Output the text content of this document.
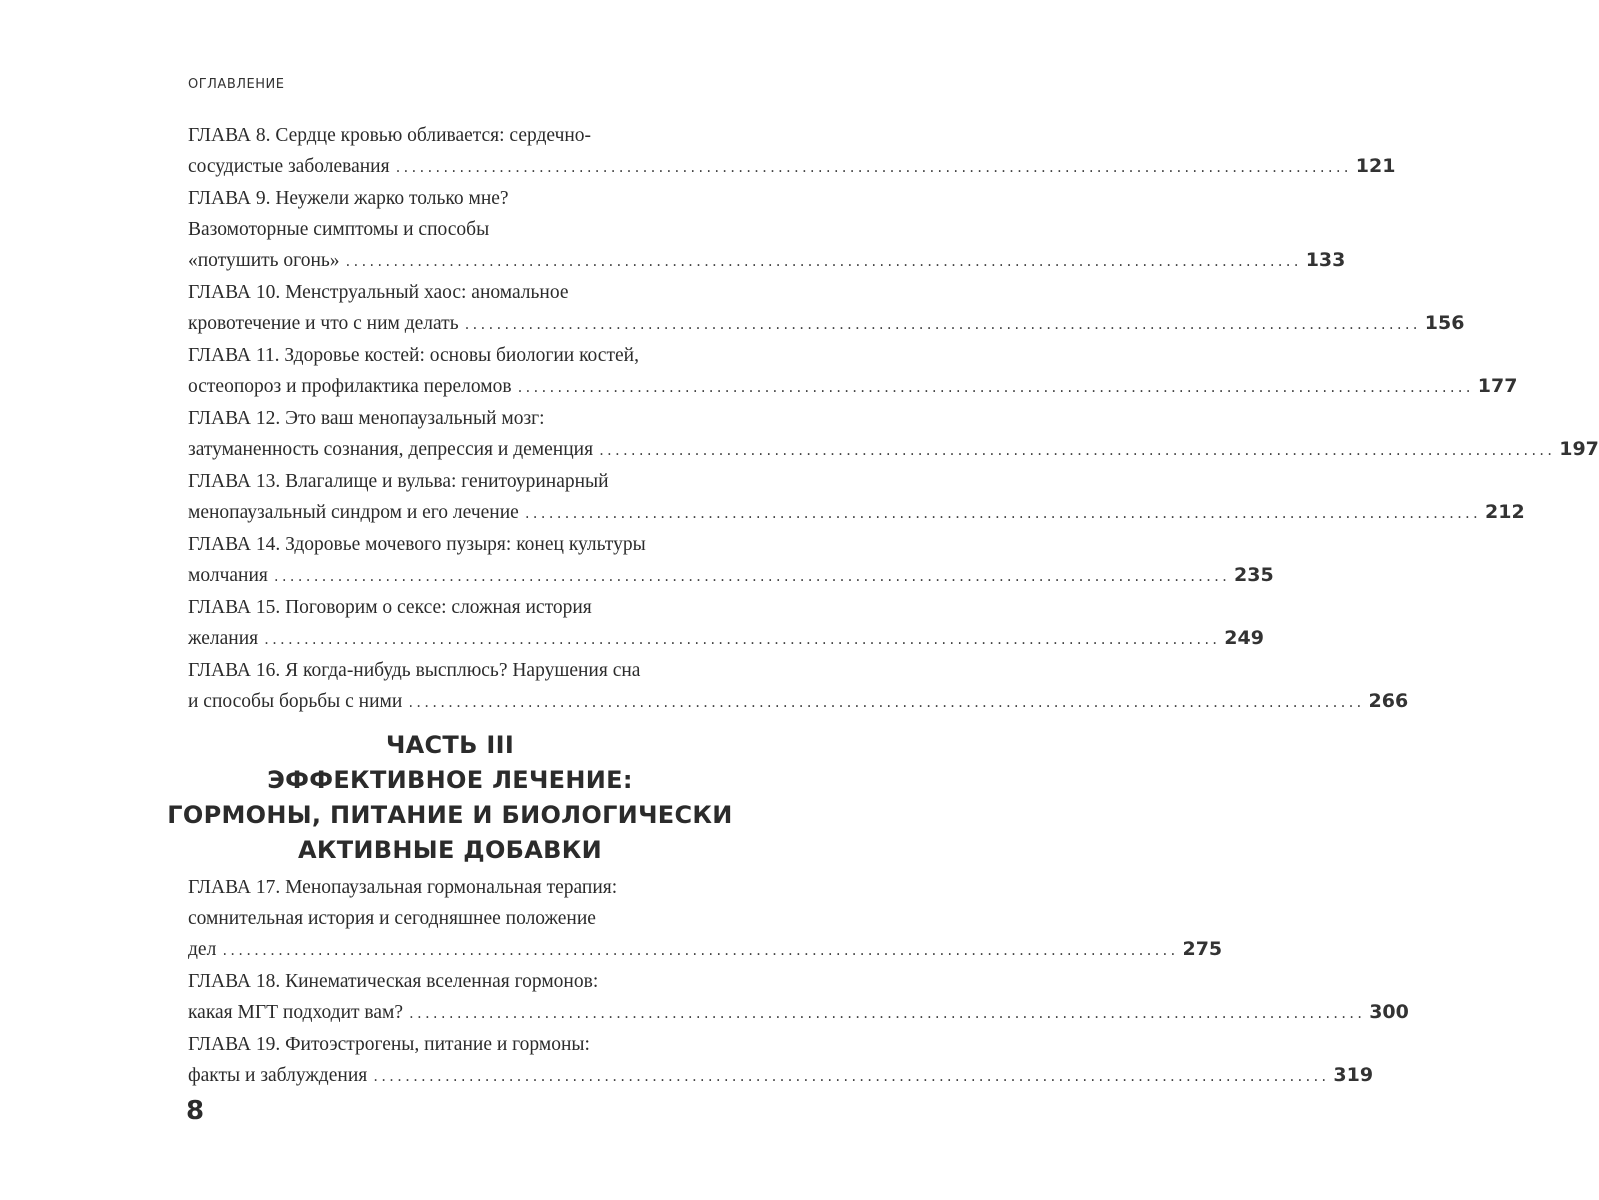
ОГЛАВЛЕНИЕ
ГЛАВА 8. Сердце кровью обливается: сердечно-
сосудистые заболевания ........................................................................................................................ 121
ГЛАВА 9. Неужели жарко только мне?
Вазомоторные симптомы и способы
«потушить огонь» ........................................................................................................................ 133
ГЛАВА 10. Менструальный хаос: аномальное
кровотечение и что с ним делать ........................................................................................................................ 156
ГЛАВА 11. Здоровье костей: основы биологии костей,
остеопороз и профилактика переломов ........................................................................................................................ 177
ГЛАВА 12. Это ваш менопаузальный мозг:
затуманенность сознания, депрессия и деменция ........................................................................................................................ 197
ГЛАВА 13. Влагалище и вульва: генитоуринарный
менопаузальный синдром и его лечение ........................................................................................................................ 212
ГЛАВА 14. Здоровье мочевого пузыря: конец культуры
молчания ........................................................................................................................ 235
ГЛАВА 15. Поговорим о сексе: сложная история
желания ........................................................................................................................ 249
ГЛАВА 16. Я когда-нибудь высплюсь? Нарушения сна
и способы борьбы с ними ........................................................................................................................ 266
ЧАСТЬ III
ЭФФЕКТИВНОЕ ЛЕЧЕНИЕ:
ГОРМОНЫ, ПИТАНИЕ И БИОЛОГИЧЕСКИ
АКТИВНЫЕ ДОБАВКИ
ГЛАВА 17. Менопаузальная гормональная терапия:
сомнительная история и сегодняшнее положение
дел ........................................................................................................................ 275
ГЛАВА 18. Кинематическая вселенная гормонов:
какая МГТ подходит вам? ........................................................................................................................ 300
ГЛАВА 19. Фитоэстрогены, питание и гормоны:
факты и заблуждения ........................................................................................................................ 319
8
